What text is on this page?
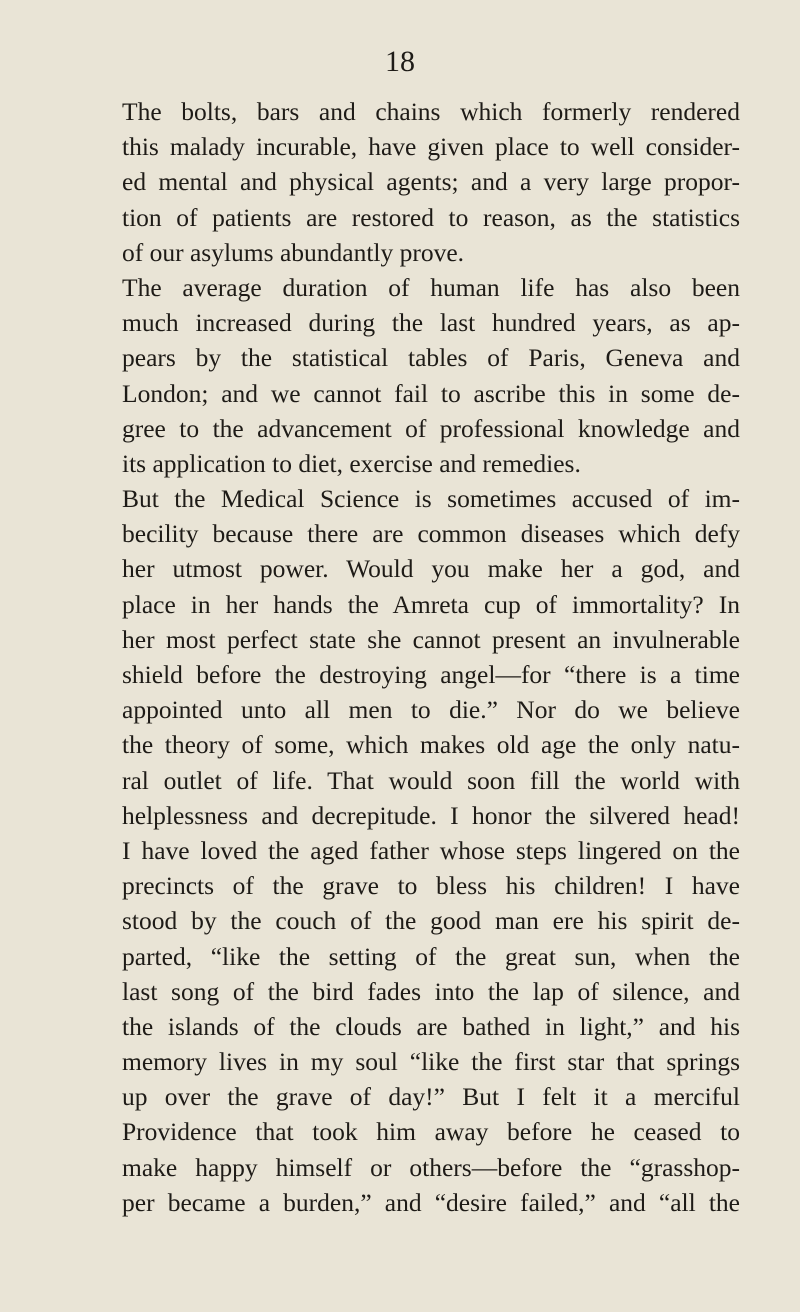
18
The bolts, bars and chains which formerly rendered
this malady incurable, have given place to well consider-
ed mental and physical agents; and a very large propor-
tion of patients are restored to reason, as the statistics
of our asylums abundantly prove.
The average duration of human life has also been
much increased during the last hundred years, as ap-
pears by the statistical tables of Paris, Geneva and
London; and we cannot fail to ascribe this in some de-
gree to the advancement of professional knowledge and
its application to diet, exercise and remedies.
But the Medical Science is sometimes accused of im-
becility because there are common diseases which defy
her utmost power. Would you make her a god, and
place in her hands the Amreta cup of immortality? In
her most perfect state she cannot present an invulnerable
shield before the destroying angel—for “there is a time
appointed unto all men to die.” Nor do we believe
the theory of some, which makes old age the only natu-
ral outlet of life. That would soon fill the world with
helplessness and decrepitude. I honor the silvered head!
I have loved the aged father whose steps lingered on the
precincts of the grave to bless his children! I have
stood by the couch of the good man ere his spirit de-
parted, “like the setting of the great sun, when the
last song of the bird fades into the lap of silence, and
the islands of the clouds are bathed in light,” and his
memory lives in my soul “like the first star that springs
up over the grave of day!” But I felt it a merciful
Providence that took him away before he ceased to
make happy himself or others—before the “grasshop-
per became a burden,” and “desire failed,” and “all the
